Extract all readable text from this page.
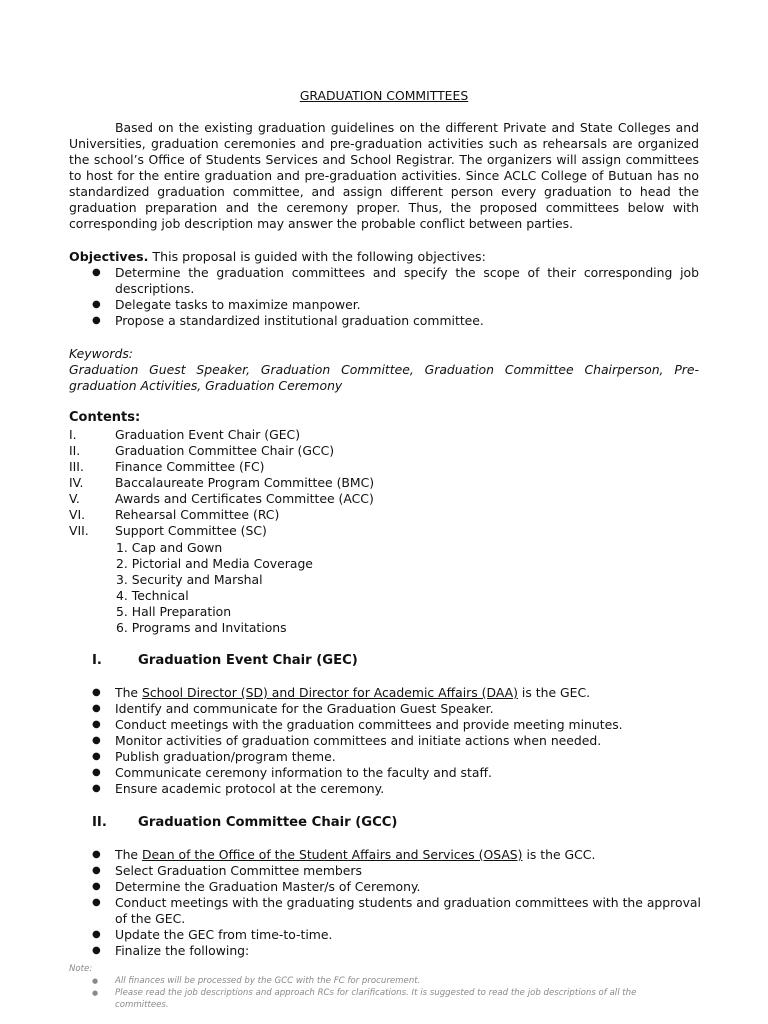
GRADUATION COMMITTEES
Based on the existing graduation guidelines on the different Private and State Colleges and
Universities, graduation ceremonies and pre-graduation activities such as rehearsals are organized
the school’s Office of Students Services and School Registrar. The organizers will assign committees
to host for the entire graduation and pre-graduation activities. Since ACLC College of Butuan has no
standardized graduation committee, and assign different person every graduation to head the
graduation preparation and the ceremony proper. Thus, the proposed committees below with
corresponding job description may answer the probable conflict between parties.
Objectives. This proposal is guided with the following objectives:
● Determine the graduation committees and specify the scope of their corresponding job
descriptions.
● Delegate tasks to maximize manpower.
● Propose a standardized institutional graduation committee.
Keywords:
Graduation Guest Speaker, Graduation Committee, Graduation Committee Chairperson, Pre-
graduation Activities, Graduation Ceremony
Contents:
I.	Graduation Event Chair (GEC)
II.	Graduation Committee Chair (GCC)
III.	Finance Committee (FC)
IV.	Baccalaureate Program Committee (BMC)
V.	Awards and Certificates Committee (ACC)
VI. Rehearsal Committee (RC)
VII. Support Committee (SC)
1. Cap and Gown
2. Pictorial and Media Coverage
3. Security and Marshal
4. Technical
5. Hall Preparation
6. Programs and Invitations
I.	Graduation Event Chair (GEC)
● The School Director (SD) and Director for Academic Affairs (DAA) is the GEC.
● Identify and communicate for the Graduation Guest Speaker.
● Conduct meetings with the graduation committees and provide meeting minutes.
● Monitor activities of graduation committees and initiate actions when needed.
● Publish graduation/program theme.
● Communicate ceremony information to the faculty and staff.
● Ensure academic protocol at the ceremony.
II. Graduation Committee Chair (GCC)
● The Dean of the Office of the Student Affairs and Services (OSAS) is the GCC.
● Select Graduation Committee members
● Determine the Graduation Master/s of Ceremony.
● Conduct meetings with the graduating students and graduation committees with the approval
of the GEC.
● Update the GEC from time-to-time.
● Finalize the following:
Note:
● All finances will be processed by the GCC with the FC for procurement.
● Please read the job descriptions and approach RCs for clarifications. It is suggested to read the job descriptions of all the
committees.
